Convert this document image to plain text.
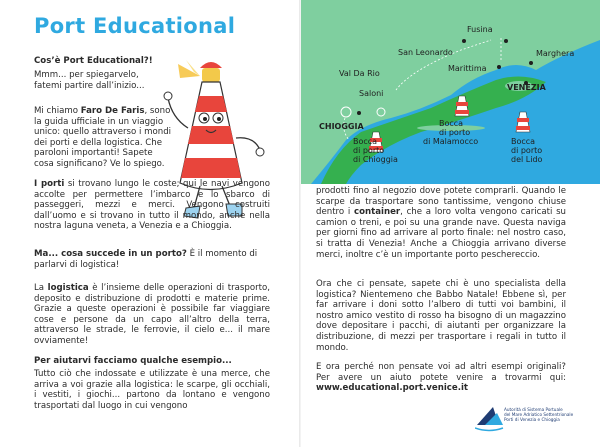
Port Educational

Cos’è Port Educational?!

Mmm... per spiegarvelo, fatemi partire dall’inizio...

Mi chiamo Faro De Faris, sono la guida ufficiale in un viaggio unico: quello attraverso i mondi dei porti e della logistica. Che paroloni importanti! Sapete cosa significano? Ve lo spiego.

I porti si trovano lungo le coste; qui le navi vengono accolte per permettere l’imbarco e lo sbarco di passeggeri, mezzi e merci. Vengono costruiti dall’uomo e si trovano in tutto il mondo, anche nella nostra laguna veneta, a Venezia e a Chioggia.

Ma... cosa succede in un porto? È il momento di parlarvi di logistica!

La logistica è l’insieme delle operazioni di trasporto, deposito e distribuzione di prodotti e materie prime. Grazie a queste operazioni è possibile far viaggiare cose e persone da un capo all’altro della terra, attraverso le strade, le ferrovie, il cielo e... il mare ovviamente!

Per aiutarvi facciamo qualche esempio...

Tutto ciò che indossate e utilizzate è una merce, che arriva a voi grazie alla logistica: le scarpe, gli occhiali, i vestiti, i giochi... partono da lontano e vengono trasportati dal luogo in cui vengono

Fusina
San Leonardo	Marghera
Marittima
Val Da Rio
Saloni
VENEZIA
CHIOGGIA
Bocca
di porto
di Chioggia
Bocca
di porto
di Malamocco	Bocca
di porto
del Lido

prodotti fino al negozio dove potete comprarli. Quando le scarpe da trasportare sono tantissime, vengono chiuse dentro i container, che a loro volta vengono caricati su camion o treni, e poi su una grande nave. Questa naviga per giorni fino ad arrivare al porto finale: nel nostro caso, si tratta di Venezia! Anche a Chioggia arrivano diverse merci, inoltre c’è un importante porto peschereccio.

Ora che ci pensate, sapete chi è uno specialista della logistica? Nientemeno che Babbo Natale! Ebbene sì, per far arrivare i doni sotto l’albero di tutti voi bambini, il nostro amico vestito di rosso ha bisogno di un magazzino dove depositare i pacchi, di aiutanti per organizzare la distribuzione, di mezzi per trasportare i regali in tutto il mondo.

E ora perché non pensate voi ad altri esempi originali? Per avere un aiuto potete venire a trovarmi qui: www.educational.port.venice.it

Autorità di Sistema Portuale
del Mare Adriatico Settentrionale
Porti di Venezia e Chioggia
